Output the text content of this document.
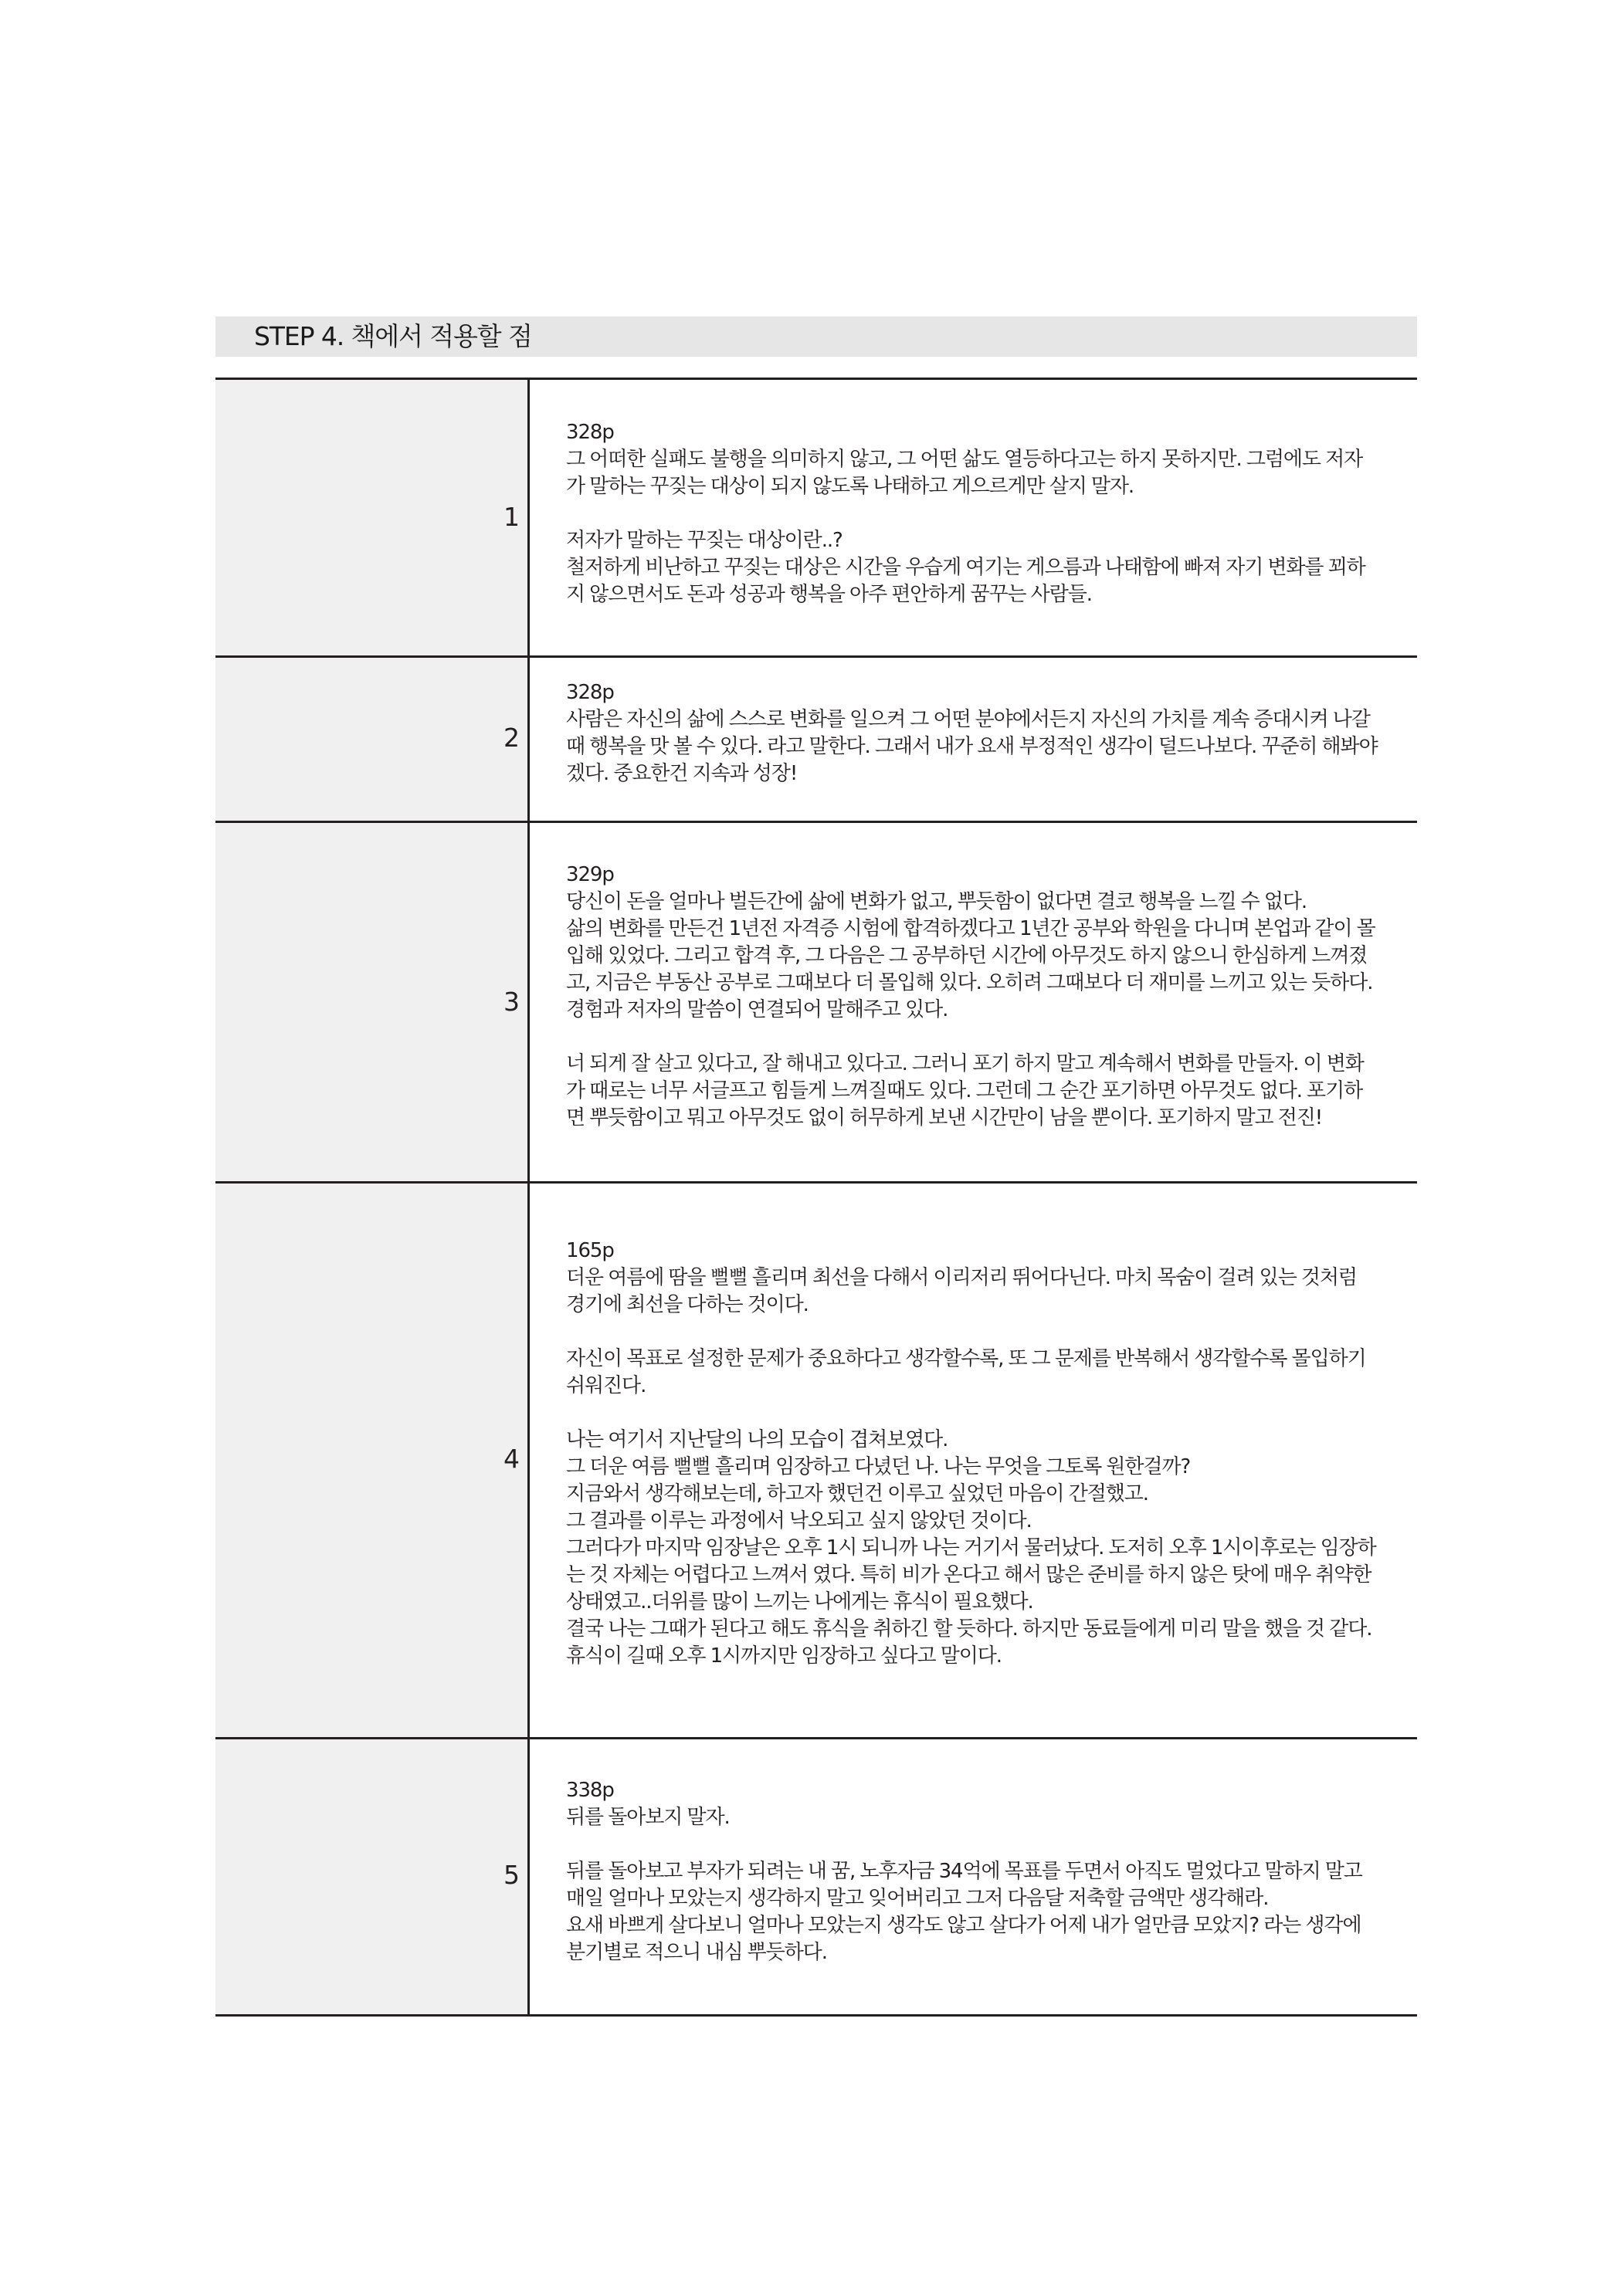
STEP 4. 책에서 적용할 점
1

328p

그 어떠한 실패도 불행을 의미하지 않고, 그 어떤 삶도 열등하다고는 하지 못하지만. 그럼에도 저자

가 말하는 꾸짖는 대상이 되지 않도록 나태하고 게으르게만 살지 말자.

저자가 말하는 꾸짖는 대상이란..?

철저하게 비난하고 꾸짖는 대상은 시간을 우습게 여기는 게으름과 나태함에 빠져 자기 변화를 꾀하

지 않으면서도 돈과 성공과 행복을 아주 편안하게 꿈꾸는 사람들.

2

328p

사람은 자신의 삶에 스스로 변화를 일으켜 그 어떤 분야에서든지 자신의 가치를 계속 증대시켜 나갈

때 행복을 맛 볼 수 있다. 라고 말한다. 그래서 내가 요새 부정적인 생각이 덜드나보다. 꾸준히 해봐야

겠다. 중요한건 지속과 성장!

3

329p

당신이 돈을 얼마나 벌든간에 삶에 변화가 없고, 뿌듯함이 없다면 결코 행복을 느낄 수 없다.

삶의 변화를 만든건 1년전 자격증 시험에 합격하겠다고 1년간 공부와 학원을 다니며 본업과 같이 몰

입해 있었다. 그리고 합격 후, 그 다음은 그 공부하던 시간에 아무것도 하지 않으니 한심하게 느껴졌

고, 지금은 부동산 공부로 그때보다 더 몰입해 있다. 오히려 그때보다 더 재미를 느끼고 있는 듯하다.

경험과 저자의 말씀이 연결되어 말해주고 있다.

너 되게 잘 살고 있다고, 잘 해내고 있다고. 그러니 포기 하지 말고 계속해서 변화를 만들자. 이 변화

가 때로는 너무 서글프고 힘들게 느껴질때도 있다. 그런데 그 순간 포기하면 아무것도 없다. 포기하

면 뿌듯함이고 뭐고 아무것도 없이 허무하게 보낸 시간만이 남을 뿐이다. 포기하지 말고 전진!

4

165p

더운 여름에 땀을 뻘뻘 흘리며 최선을 다해서 이리저리 뛰어다닌다. 마치 목숨이 걸려 있는 것처럼

경기에 최선을 다하는 것이다.

자신이 목표로 설정한 문제가 중요하다고 생각할수록, 또 그 문제를 반복해서 생각할수록 몰입하기

쉬워진다.

나는 여기서 지난달의 나의 모습이 겹쳐보였다.

그 더운 여름 뻘뻘 흘리며 임장하고 다녔던 나. 나는 무엇을 그토록 원한걸까?

지금와서 생각해보는데, 하고자 했던건 이루고 싶었던 마음이 간절했고.

그 결과를 이루는 과정에서 낙오되고 싶지 않았던 것이다.

그러다가 마지막 임장날은 오후 1시 되니까 나는 거기서 물러났다. 도저히 오후 1시이후로는 임장하

는 것 자체는 어렵다고 느껴서 였다. 특히 비가 온다고 해서 많은 준비를 하지 않은 탓에 매우 취약한

상태였고..더위를 많이 느끼는 나에게는 휴식이 필요했다.

결국 나는 그때가 된다고 해도 휴식을 취하긴 할 듯하다. 하지만 동료들에게 미리 말을 했을 것 같다.

휴식이 길때 오후 1시까지만 임장하고 싶다고 말이다.

5

338p

뒤를 돌아보지 말자.

뒤를 돌아보고 부자가 되려는 내 꿈, 노후자금 34억에 목표를 두면서 아직도 멀었다고 말하지 말고

매일 얼마나 모았는지 생각하지 말고 잊어버리고 그저 다음달 저축할 금액만 생각해라.

요새 바쁘게 살다보니 얼마나 모았는지 생각도 않고 살다가 어제 내가 얼만큼 모았지? 라는 생각에

분기별로 적으니 내심 뿌듯하다.
